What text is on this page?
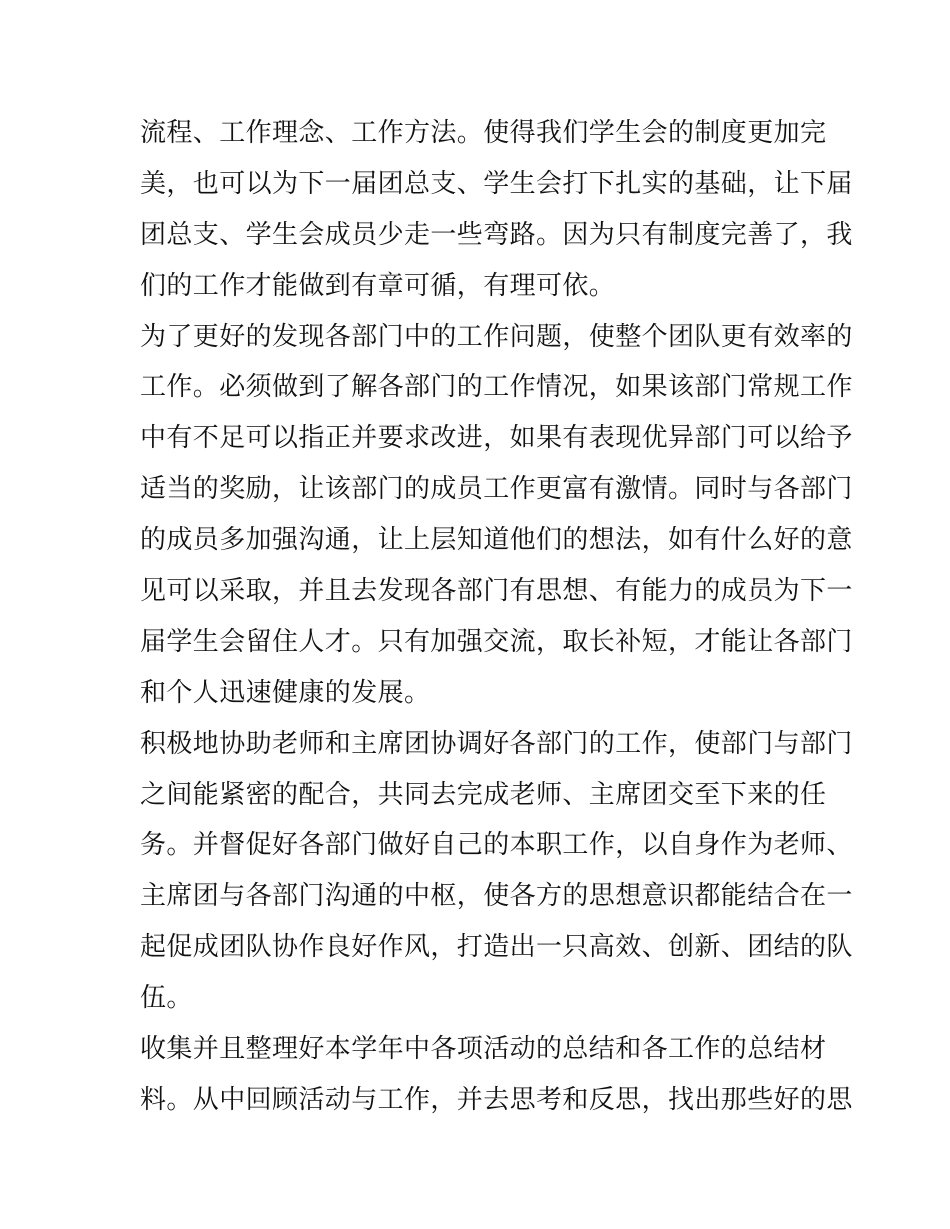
流程、工作理念、工作方法。使得我们学生会的制度更加完
美，也可以为下一届团总支、学生会打下扎实的基础，让下届
团总支、学生会成员少走一些弯路。因为只有制度完善了，我
们的工作才能做到有章可循，有理可依。
为了更好的发现各部门中的工作问题，使整个团队更有效率的
工作。必须做到了解各部门的工作情况，如果该部门常规工作
中有不足可以指正并要求改进，如果有表现优异部门可以给予
适当的奖励，让该部门的成员工作更富有激情。同时与各部门
的成员多加强沟通，让上层知道他们的想法，如有什么好的意
见可以采取，并且去发现各部门有思想、有能力的成员为下一
届学生会留住人才。只有加强交流，取长补短，才能让各部门
和个人迅速健康的发展。
积极地协助老师和主席团协调好各部门的工作，使部门与部门
之间能紧密的配合，共同去完成老师、主席团交至下来的任
务。并督促好各部门做好自己的本职工作，以自身作为老师、
主席团与各部门沟通的中枢，使各方的思想意识都能结合在一
起促成团队协作良好作风，打造出一只高效、创新、团结的队
伍。
收集并且整理好本学年中各项活动的总结和各工作的总结材
料。从中回顾活动与工作，并去思考和反思，找出那些好的思
